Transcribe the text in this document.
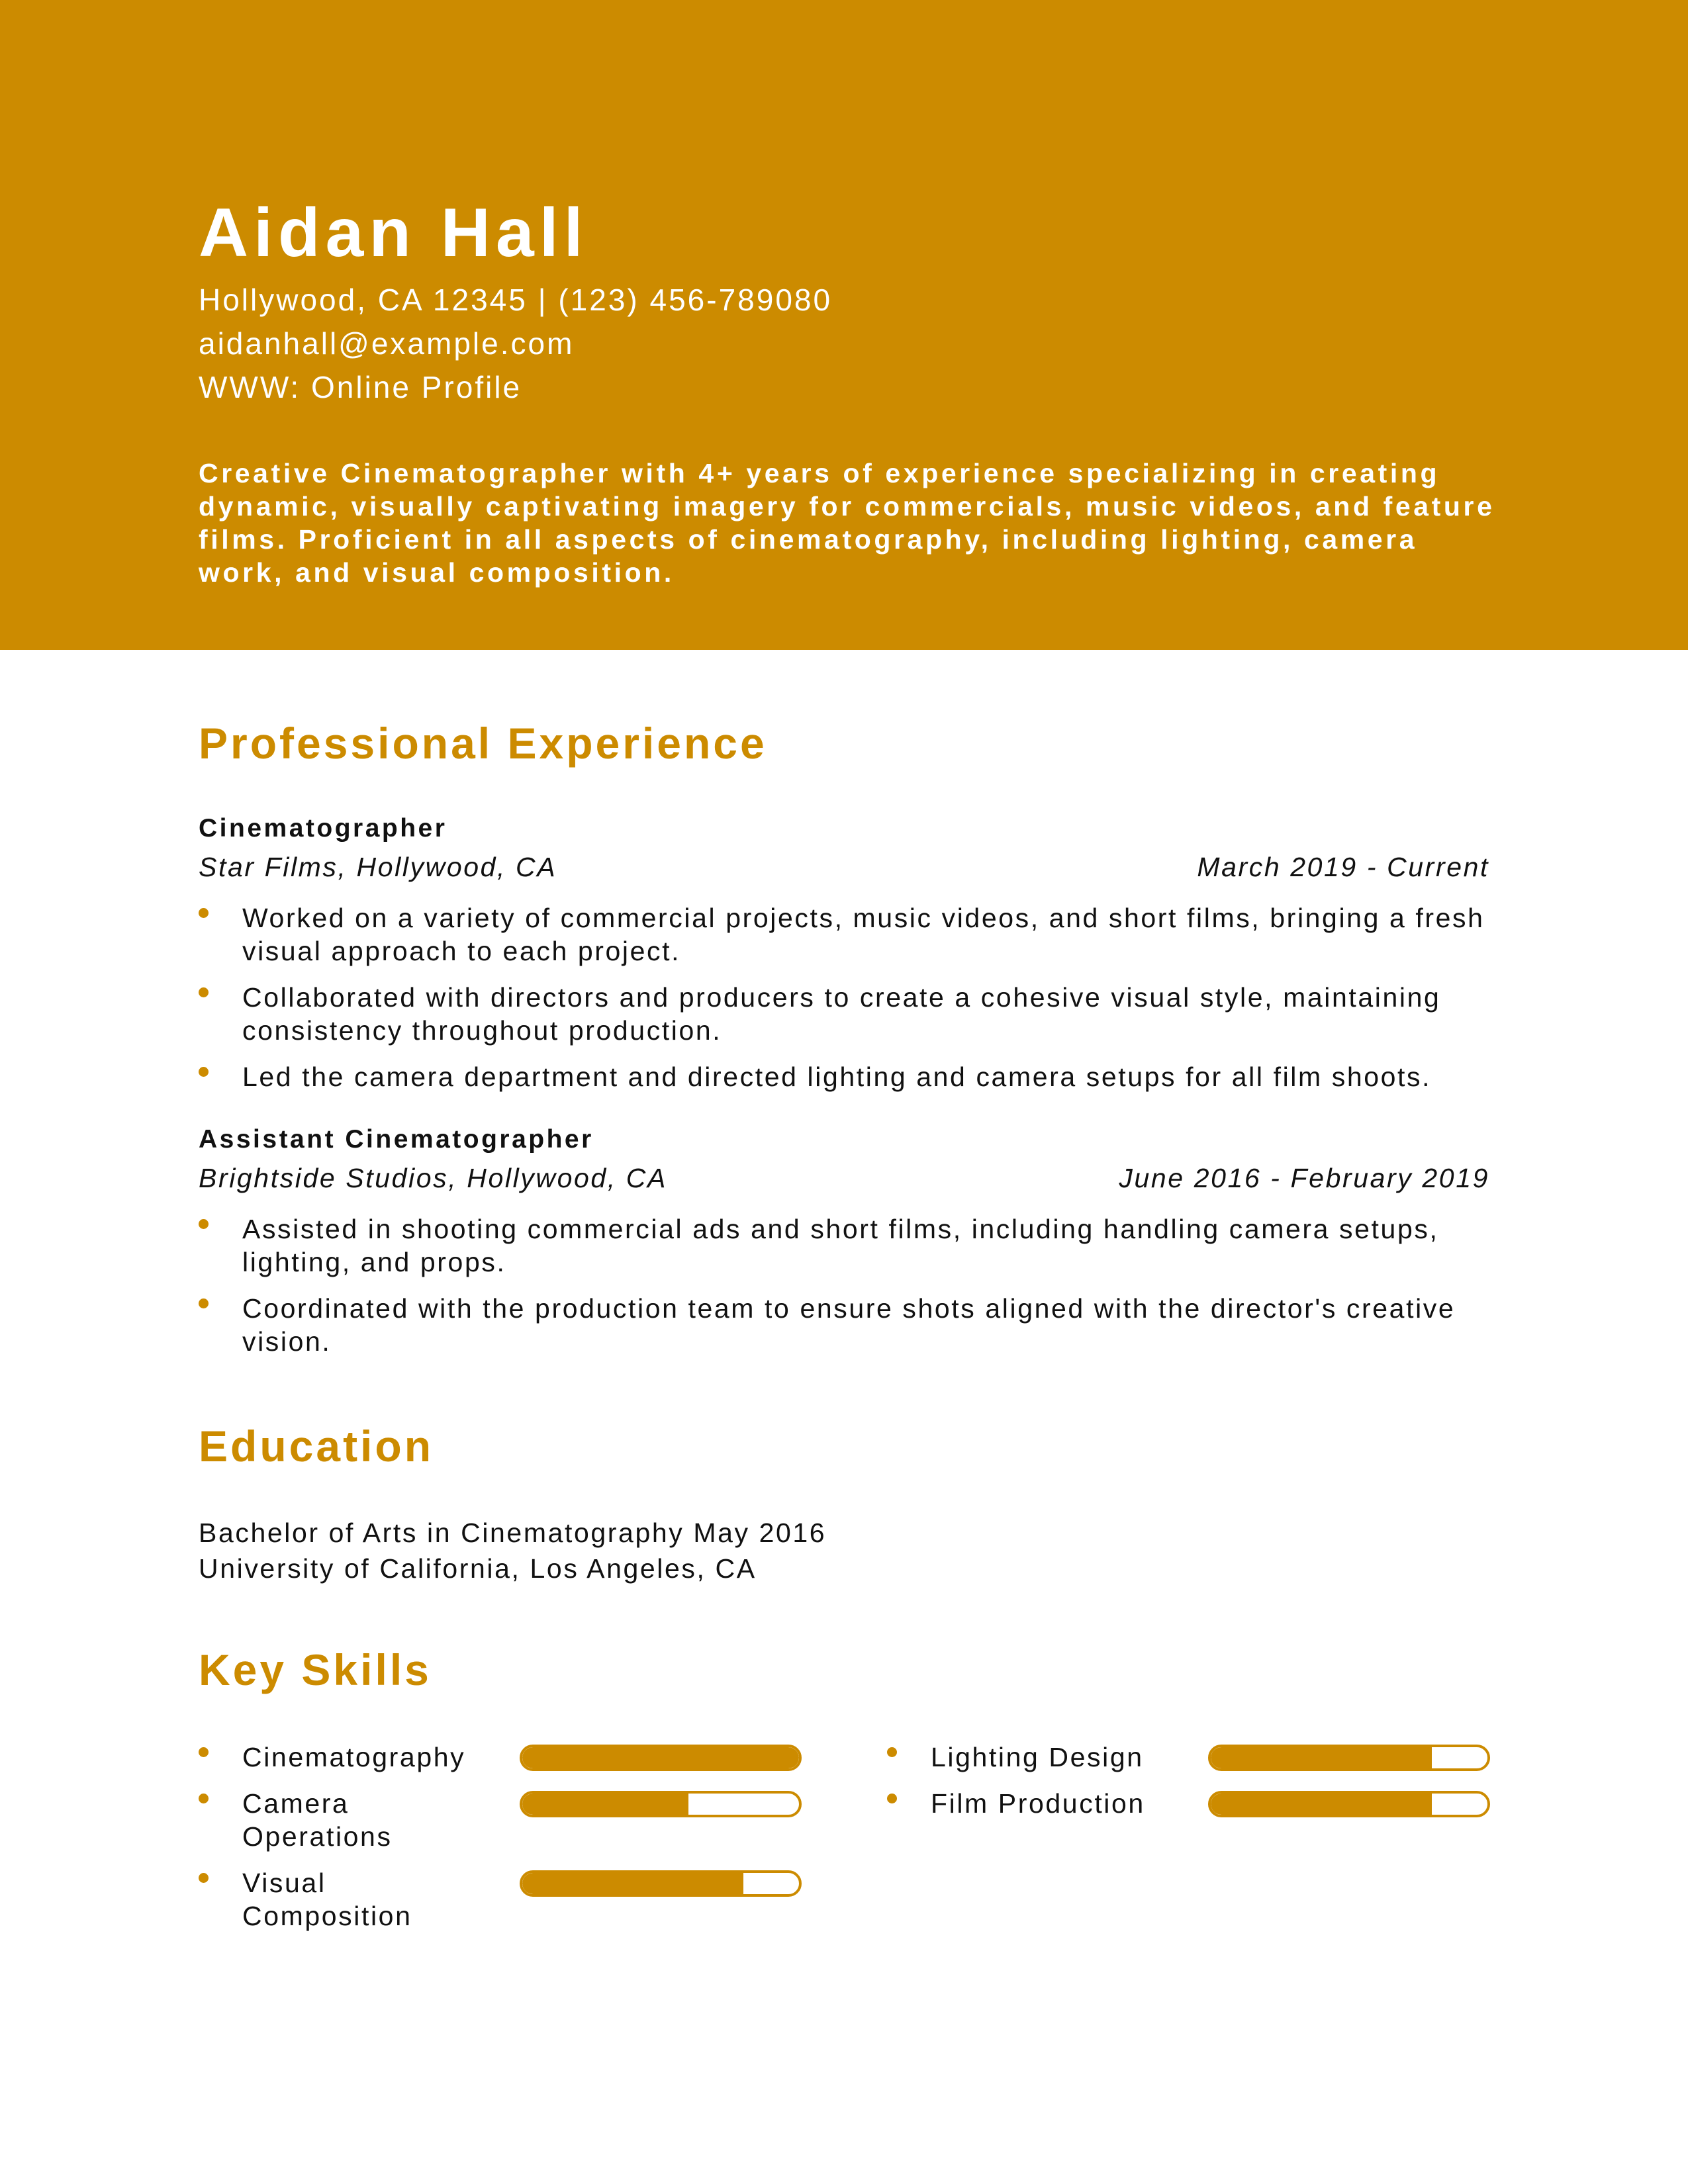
Aidan Hall
Hollywood, CA 12345 | (123) 456-789080
aidanhall@example.com
WWW: Online Profile
Creative Cinematographer with 4+ years of experience specializing in creating dynamic, visually captivating imagery for commercials, music videos, and feature films. Proficient in all aspects of cinematography, including lighting, camera work, and visual composition.
Professional Experience
Cinematographer
Star Films, Hollywood, CA	March 2019 - Current
Worked on a variety of commercial projects, music videos, and short films, bringing a fresh visual approach to each project.
Collaborated with directors and producers to create a cohesive visual style, maintaining consistency throughout production.
Led the camera department and directed lighting and camera setups for all film shoots.
Assistant Cinematographer
Brightside Studios, Hollywood, CA	June 2016 - February 2019
Assisted in shooting commercial ads and short films, including handling camera setups, lighting, and props.
Coordinated with the production team to ensure shots aligned with the director's creative vision.
Education
Bachelor of Arts in Cinematography May 2016
University of California, Los Angeles, CA
Key Skills
Cinematography
Camera Operations
Visual Composition
Lighting Design
Film Production
